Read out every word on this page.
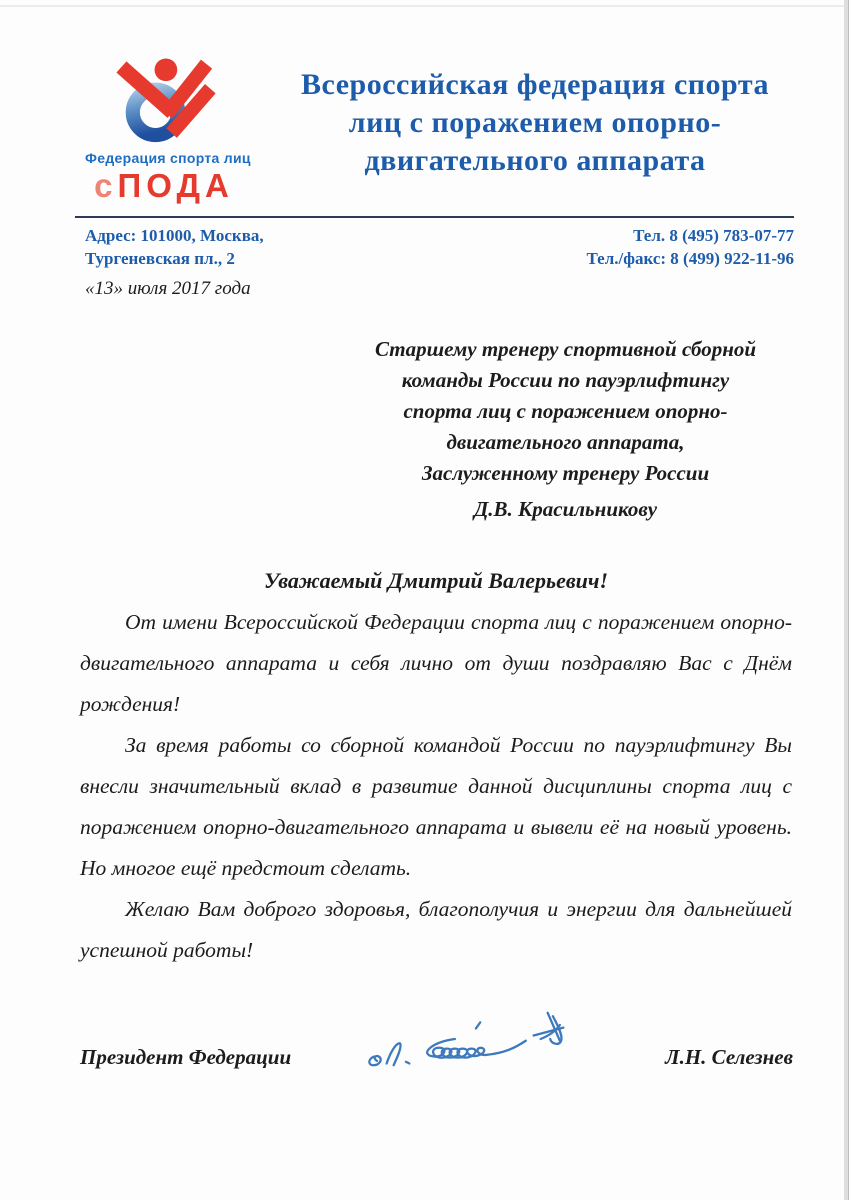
Федерация спорта лиц
сПОДА
Всероссийская федерация спорта
лиц с поражением опорно-
двигательного аппарата
Адрес: 101000, Москва,
Тургеневская пл., 2
Тел. 8 (495) 783-07-77
Тел./факс: 8 (499) 922-11-96
«13» июля 2017 года
Старшему тренеру спортивной сборной
команды России по пауэрлифтингу
спорта лиц с поражением опорно-
двигательного аппарата,
Заслуженному тренеру России
Д.В. Красильникову
Уважаемый Дмитрий Валерьевич!

От имени Всероссийской Федерации спорта лиц с поражением опорно-двигательного аппарата и себя лично от души поздравляю Вас с Днём рождения!

За время работы со сборной командой России по пауэрлифтингу Вы внесли значительный вклад в развитие данной дисциплины спорта лиц с поражением опорно-двигательного аппарата и вывели её на новый уровень. Но многое ещё предстоит сделать.

Желаю Вам доброго здоровья, благополучия и энергии для дальнейшей успешной работы!

Президент Федерации	Л.Н. Селезнев
